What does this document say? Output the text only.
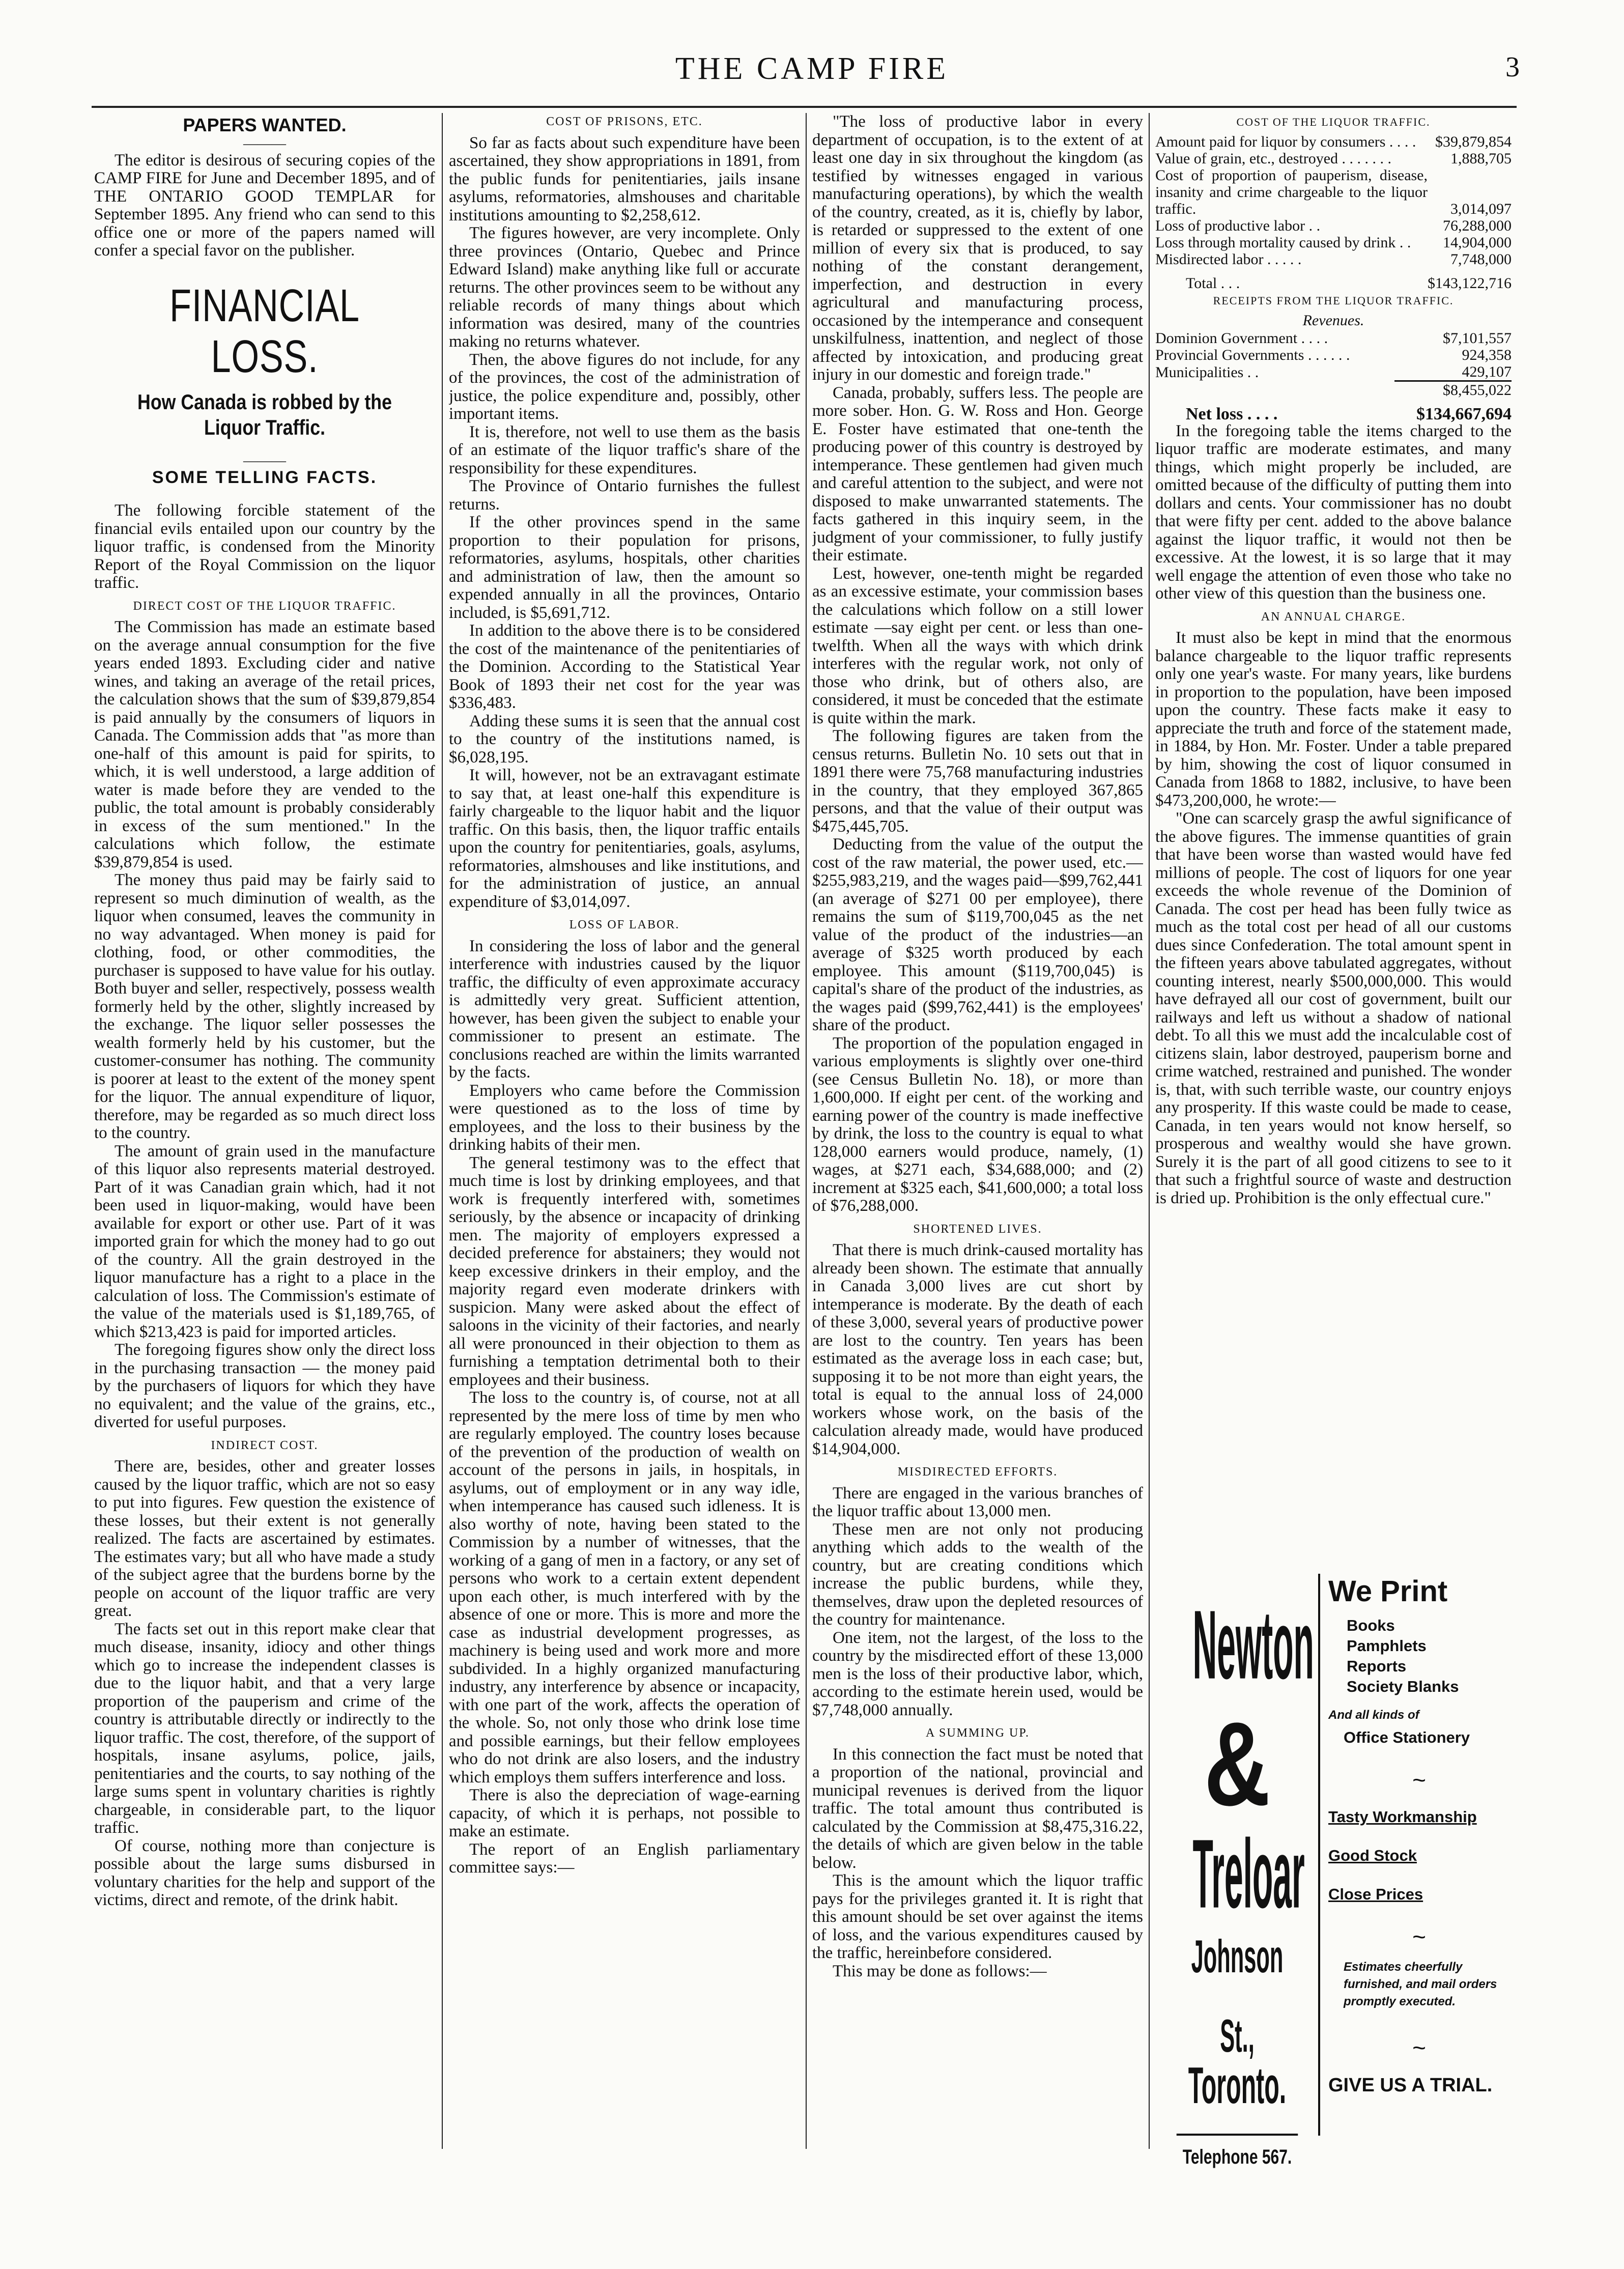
THE CAMP FIRE	3
PAPERS WANTED.
———

The editor is desirous of securing copies of the CAMP FIRE for June and December 1895, and of THE ONTARIO GOOD TEMPLAR for September 1895. Any friend who can send to this office one or more of the papers named will confer a special favor on the publisher.

FINANCIAL LOSS.
How Canada is robbed by the Liquor Traffic.
———
SOME TELLING FACTS.

The following forcible statement of the financial evils entailed upon our country by the liquor traffic, is condensed from the Minority Report of the Royal Commission on the liquor traffic.

DIRECT COST OF THE LIQUOR TRAFFIC.

The Commission has made an estimate based on the average annual consumption for the five years ended 1893. Excluding cider and native wines, and taking an average of the retail prices, the calculation shows that the sum of $39,879,854 is paid annually by the consumers of liquors in Canada. The Commission adds that "as more than one-half of this amount is paid for spirits, to which, it is well understood, a large addition of water is made before they are vended to the public, the total amount is probably considerably in excess of the sum mentioned." In the calculations which follow, the estimate $39,879,854 is used.

The money thus paid may be fairly said to represent so much diminution of wealth, as the liquor when consumed, leaves the community in no way advantaged. When money is paid for clothing, food, or other commodities, the purchaser is supposed to have value for his outlay. Both buyer and seller, respectively, possess wealth formerly held by the other, slightly increased by the exchange. The liquor seller possesses the wealth formerly held by his customer, but the customer-consumer has nothing. The community is poorer at least to the extent of the money spent for the liquor. The annual expenditure of liquor, therefore, may be regarded as so much direct loss to the country.

The amount of grain used in the manufacture of this liquor also represents material destroyed. Part of it was Canadian grain which, had it not been used in liquor-making, would have been available for export or other use. Part of it was imported grain for which the money had to go out of the country. All the grain destroyed in the liquor manufacture has a right to a place in the calculation of loss. The Commission's estimate of the value of the materials used is $1,189,765, of which $213,423 is paid for imported articles.

The foregoing figures show only the direct loss in the purchasing transaction — the money paid by the purchasers of liquors for which they have no equivalent; and the value of the grains, etc., diverted for useful purposes.

INDIRECT COST.

There are, besides, other and greater losses caused by the liquor traffic, which are not so easy to put into figures. Few question the existence of these losses, but their extent is not generally realized. The facts are ascertained by estimates. The estimates vary; but all who have made a study of the subject agree that the burdens borne by the people on account of the liquor traffic are very great.

The facts set out in this report make clear that much disease, insanity, idiocy and other things which go to increase the independent classes is due to the liquor habit, and that a very large proportion of the pauperism and crime of the country is attributable directly or indirectly to the liquor traffic. The cost, therefore, of the support of hospitals, insane asylums, police, jails, penitentiaries and the courts, to say nothing of the large sums spent in voluntary charities is rightly chargeable, in considerable part, to the liquor traffic.

Of course, nothing more than conjecture is possible about the large sums disbursed in voluntary charities for the help and support of the victims, direct and remote, of the drink habit.

COST OF PRISONS, ETC.

So far as facts about such expenditure have been ascertained, they show appropriations in 1891, from the public funds for penitentiaries, jails insane asylums, reformatories, almshouses and charitable institutions amounting to $2,258,612.

The figures however, are very incomplete. Only three provinces (Ontario, Quebec and Prince Edward Island) make anything like full or accurate returns. The other provinces seem to be without any reliable records of many things about which information was desired, many of the countries making no returns whatever.

Then, the above figures do not include, for any of the provinces, the cost of the administration of justice, the police expenditure and, possibly, other important items.

It is, therefore, not well to use them as the basis of an estimate of the liquor traffic's share of the responsibility for these expenditures.

The Province of Ontario furnishes the fullest returns.

If the other provinces spend in the same proportion to their population for prisons, reformatories, asylums, hospitals, other charities and administration of law, then the amount so expended annually in all the provinces, Ontario included, is $5,691,712.

In addition to the above there is to be considered the cost of the maintenance of the penitentiaries of the Dominion. According to the Statistical Year Book of 1893 their net cost for the year was $336,483.

Adding these sums it is seen that the annual cost to the country of the institutions named, is $6,028,195.

It will, however, not be an extravagant estimate to say that, at least one-half this expenditure is fairly chargeable to the liquor habit and the liquor traffic. On this basis, then, the liquor traffic entails upon the country for penitentiaries, goals, asylums, reformatories, almshouses and like institutions, and for the administration of justice, an annual expenditure of $3,014,097.

LOSS OF LABOR.

In considering the loss of labor and the general interference with industries caused by the liquor traffic, the difficulty of even approximate accuracy is admittedly very great. Sufficient attention, however, has been given the subject to enable your commissioner to present an estimate. The conclusions reached are within the limits warranted by the facts.

Employers who came before the Commission were questioned as to the loss of time by employees, and the loss to their business by the drinking habits of their men.

The general testimony was to the effect that much time is lost by drinking employees, and that work is frequently interfered with, sometimes seriously, by the absence or incapacity of drinking men. The majority of employers expressed a decided preference for abstainers; they would not keep excessive drinkers in their employ, and the majority regard even moderate drinkers with suspicion. Many were asked about the effect of saloons in the vicinity of their factories, and nearly all were pronounced in their objection to them as furnishing a temptation detrimental both to their employees and their business.

The loss to the country is, of course, not at all represented by the mere loss of time by men who are regularly employed. The country loses because of the prevention of the production of wealth on account of the persons in jails, in hospitals, in asylums, out of employment or in any way idle, when intemperance has caused such idleness. It is also worthy of note, having been stated to the Commission by a number of witnesses, that the working of a gang of men in a factory, or any set of persons who work to a certain extent dependent upon each other, is much interfered with by the absence of one or more. This is more and more the case as industrial development progresses, as machinery is being used and work more and more subdivided. In a highly organized manufacturing industry, any interference by absence or incapacity, with one part of the work, affects the operation of the whole. So, not only those who drink lose time and possible earnings, but their fellow employees who do not drink are also losers, and the industry which employs them suffers interference and loss.

There is also the depreciation of wage-earning capacity, of which it is perhaps, not possible to make an estimate.

The report of an English parliamentary committee says:—

"The loss of productive labor in every department of occupation, is to the extent of at least one day in six throughout the kingdom (as testified by witnesses engaged in various manufacturing operations), by which the wealth of the country, created, as it is, chiefly by labor, is retarded or suppressed to the extent of one million of every six that is produced, to say nothing of the constant derangement, imperfection, and destruction in every agricultural and manufacturing process, occasioned by the intemperance and consequent unskilfulness, inattention, and neglect of those affected by intoxication, and producing great injury in our domestic and foreign trade."

Canada, probably, suffers less. The people are more sober. Hon. G. W. Ross and Hon. George E. Foster have estimated that one-tenth the producing power of this country is destroyed by intemperance. These gentlemen had given much and careful attention to the subject, and were not disposed to make unwarranted statements. The facts gathered in this inquiry seem, in the judgment of your commissioner, to fully justify their estimate.

Lest, however, one-tenth might be regarded as an excessive estimate, your commission bases the calculations which follow on a still lower estimate —say eight per cent. or less than one-twelfth. When all the ways with which drink interferes with the regular work, not only of those who drink, but of others also, are considered, it must be conceded that the estimate is quite within the mark.

The following figures are taken from the census returns. Bulletin No. 10 sets out that in 1891 there were 75,768 manufacturing industries in the country, that they employed 367,865 persons, and that the value of their output was $475,445,705.

Deducting from the value of the output the cost of the raw material, the power used, etc.—$255,983,219, and the wages paid—$99,762,441 (an average of $271 00 per employee), there remains the sum of $119,700,045 as the net value of the product of the industries—an average of $325 worth produced by each employee. This amount ($119,700,045) is capital's share of the product of the industries, as the wages paid ($99,762,441) is the employees' share of the product.

The proportion of the population engaged in various employments is slightly over one-third (see Census Bulletin No. 18), or more than 1,600,000. If eight per cent. of the working and earning power of the country is made ineffective by drink, the loss to the country is equal to what 128,000 earners would produce, namely, (1) wages, at $271 each, $34,688,000; and (2) increment at $325 each, $41,600,000; a total loss of $76,288,000.

SHORTENED LIVES.

That there is much drink-caused mortality has already been shown. The estimate that annually in Canada 3,000 lives are cut short by intemperance is moderate. By the death of each of these 3,000, several years of productive power are lost to the country. Ten years has been estimated as the average loss in each case; but, supposing it to be not more than eight years, the total is equal to the annual loss of 24,000 workers whose work, on the basis of the calculation already made, would have produced $14,904,000.

MISDIRECTED EFFORTS.

There are engaged in the various branches of the liquor traffic about 13,000 men.

These men are not only not producing anything which adds to the wealth of the country, but are creating conditions which increase the public burdens, while they, themselves, draw upon the depleted resources of the country for maintenance.

One item, not the largest, of the loss to the country by the misdirected effort of these 13,000 men is the loss of their productive labor, which, according to the estimate herein used, would be $7,748,000 annually.

A SUMMING UP.

In this connection the fact must be noted that a proportion of the national, provincial and municipal revenues is derived from the liquor traffic. The total amount thus contributed is calculated by the Commission at $8,475,316.22, the details of which are given below in the table below.

This is the amount which the liquor traffic pays for the privileges granted it. It is right that this amount should be set over against the items of loss, and the various expenditures caused by the traffic, hereinbefore considered.

This may be done as follows:—

COST OF THE LIQUOR TRAFFIC.
Amount paid for liquor by consumers . . . .	$39,879,854
Value of grain, etc., destroyed . . . . . . .	1,888,705
Cost of proportion of pauperism, disease, insanity and crime chargeable to the liquor traffic.	3,014,097
Loss of productive labor . .	76,288,000
Loss through mortality caused by drink . .	14,904,000
Misdirected labor . . . . .	7,748,000
Total . . .	$143,122,716
RECEIPTS FROM THE LIQUOR TRAFFIC.
Revenues.
Dominion Government . . . .	$7,101,557
Provincial Governments . . . . . .	924,358
Municipalities . .	429,107
	$8,455,022
Net loss . . . .	$134,667,694

In the foregoing table the items charged to the liquor traffic are moderate estimates, and many things, which might properly be included, are omitted because of the difficulty of putting them into dollars and cents. Your commissioner has no doubt that were fifty per cent. added to the above balance against the liquor traffic, it would not then be excessive. At the lowest, it is so large that it may well engage the attention of even those who take no other view of this question than the business one.

AN ANNUAL CHARGE.

It must also be kept in mind that the enormous balance chargeable to the liquor traffic represents only one year's waste. For many years, like burdens in proportion to the population, have been imposed upon the country. These facts make it easy to appreciate the truth and force of the statement made, in 1884, by Hon. Mr. Foster. Under a table prepared by him, showing the cost of liquor consumed in Canada from 1868 to 1882, inclusive, to have been $473,200,000, he wrote:—

"One can scarcely grasp the awful significance of the above figures. The immense quantities of grain that have been worse than wasted would have fed millions of people. The cost of liquors for one year exceeds the whole revenue of the Dominion of Canada. The cost per head has been fully twice as much as the total cost per head of all our customs dues since Confederation. The total amount spent in the fifteen years above tabulated aggregates, without counting interest, nearly $500,000,000. This would have defrayed all our cost of government, built our railways and left us without a shadow of national debt. To all this we must add the incalculable cost of citizens slain, labor destroyed, pauperism borne and crime watched, restrained and punished. The wonder is, that, with such terrible waste, our country enjoys any prosperity. If this waste could be made to cease, Canada, in ten years would not know herself, so prosperous and wealthy would she have grown. Surely it is the part of all good citizens to see to it that such a frightful source of waste and destruction is dried up. Prohibition is the only effectual cure."

Newton
&
Treloar
Johnson St.,
Toronto.
Telephone 567.
We Print
Books
Pamphlets
Reports
Society Blanks
And all kinds of
Office Stationery
~
Tasty Workmanship
Good Stock
Close Prices
~
Estimates cheerfully furnished, and mail orders promptly executed.
~
GIVE US A TRIAL.
